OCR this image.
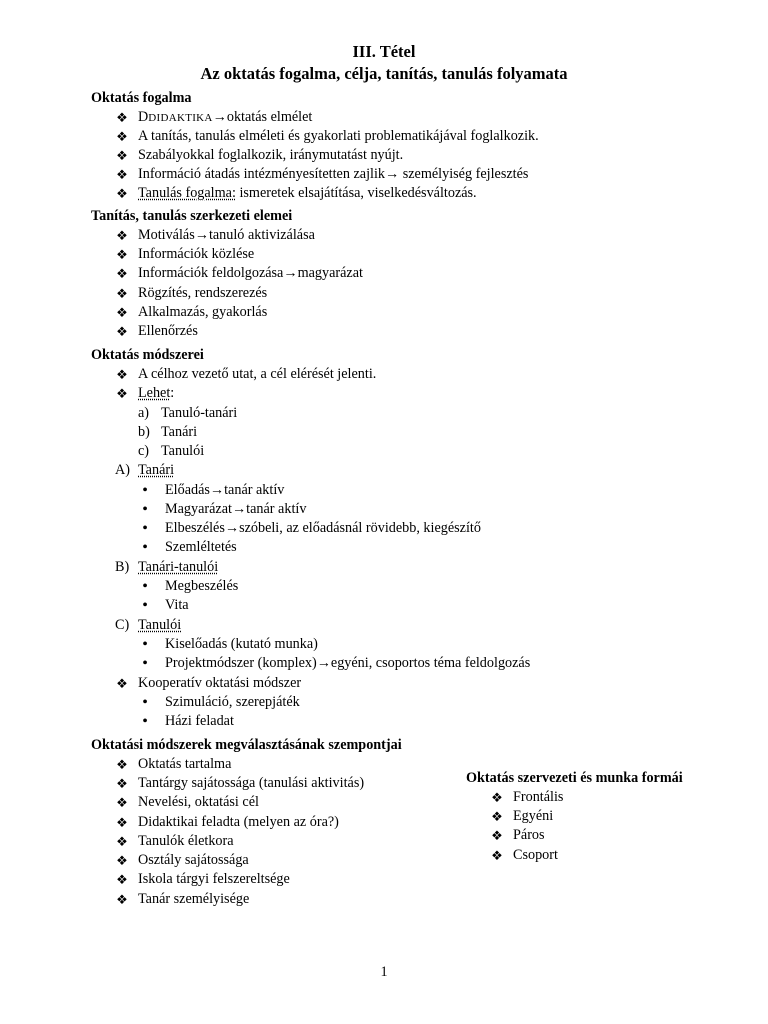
III. Tétel
Az oktatás fogalma, célja, tanítás, tanulás folyamata
Oktatás fogalma
❖ DDIDAKTIKA→oktatás elmélet
❖ A tanítás, tanulás elméleti és gyakorlati problematikájával foglalkozik.
❖ Szabályokkal foglalkozik, iránymutatást nyújt.
❖ Információ átadás intézményesítetten zajlik→ személyiség fejlesztés
❖ Tanulás fogalma: ismeretek elsajátítása, viselkedésváltozás.
Tanítás, tanulás szerkezeti elemei
❖ Motiválás→tanuló aktivizálása
❖ Információk közlése
❖ Információk feldolgozása→magyarázat
❖ Rögzítés, rendszerezés
❖ Alkalmazás, gyakorlás
❖ Ellenőrzés
Oktatás módszerei
❖ A célhoz vezető utat, a cél elérését jelenti.
❖ Lehet:
a) Tanuló-tanári
b) Tanári
c) Tanulói
A) Tanári
•	Előadás→tanár aktív
•	Magyarázat→tanár aktív
•	Elbeszélés→szóbeli, az előadásnál rövidebb, kiegészítő
•	Szemléltetés
B) Tanári-tanulói
•	Megbeszélés
•	Vita
C) Tanulói
•	Kiselőadás (kutató munka)
•	Projektmódszer (komplex)→egyéni, csoportos téma feldolgozás
❖ Kooperatív oktatási módszer
•	Szimuláció, szerepjáték
•	Házi feladat
Oktatási módszerek megválasztásának szempontjai
❖ Oktatás tartalma
❖ Tantárgy sajátossága (tanulási aktivitás)
❖ Nevelési, oktatási cél
❖ Didaktikai feladta (melyen az óra?)
❖ Tanulók életkora
❖ Osztály sajátossága
❖ Iskola tárgyi felszereltsége
❖ Tanár személyisége
Oktatás szervezeti és munka formái
❖ Frontális
❖ Egyéni
❖ Páros
❖ Csoport
1
